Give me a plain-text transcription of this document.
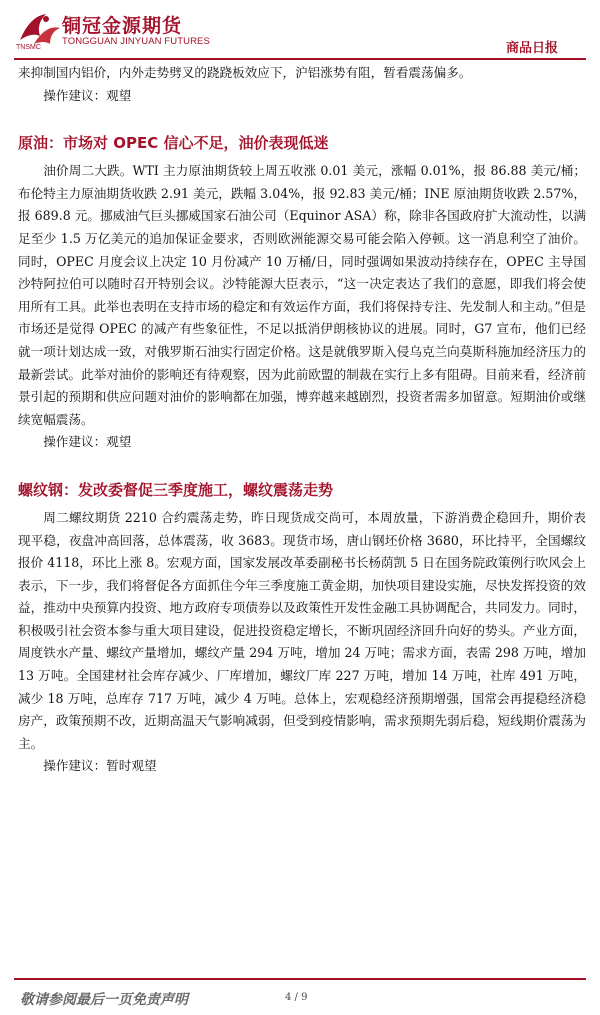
铜冠金源期货
TONGGUAN JINYUAN FUTURES
TNSMC	商品日报

来抑制国内铝价，内外走势劈叉的跷跷板效应下，沪铝涨势有阻，暂看震荡偏多。

操作建议：观望

原油：市场对 OPEC 信心不足，油价表现低迷

油价周二大跌。WTI 主力原油期货较上周五收涨 0.01 美元，涨幅 0.01%，报 86.88 美元/桶；布伦特主力原油期货收跌 2.91 美元，跌幅 3.04%，报 92.83 美元/桶；INE 原油期货收跌 2.57%，报 689.8 元。挪威油气巨头挪威国家石油公司（Equinor ASA）称，除非各国政府扩大流动性，以满足至少 1.5 万亿美元的追加保证金要求，否则欧洲能源交易可能会陷入停顿。这一消息利空了油价。同时，OPEC 月度会议上决定 10 月份减产 10 万桶/日，同时强调如果波动持续存在，OPEC 主导国沙特阿拉伯可以随时召开特别会议。沙特能源大臣表示，“这一决定表达了我们的意愿，即我们将会使用所有工具。此举也表明在支持市场的稳定和有效运作方面，我们将保持专注、先发制人和主动。”但是市场还是觉得 OPEC 的减产有些象征性，不足以抵消伊朗核协议的进展。同时，G7 宣布，他们已经就一项计划达成一致，对俄罗斯石油实行固定价格。这是就俄罗斯入侵乌克兰向莫斯科施加经济压力的最新尝试。此举对油价的影响还有待观察，因为此前欧盟的制裁在实行上多有阻碍。目前来看，经济前景引起的预期和供应问题对油价的影响都在加强，博弈越来越剧烈，投资者需多加留意。短期油价或继续宽幅震荡。

操作建议：观望

螺纹钢：发改委督促三季度施工，螺纹震荡走势

周二螺纹期货 2210 合约震荡走势，昨日现货成交尚可，本周放量，下游消费企稳回升，期价表现平稳，夜盘冲高回落，总体震荡，收 3683。现货市场，唐山钢坯价格 3680，环比持平，全国螺纹报价 4118，环比上涨 8。宏观方面，国家发展改革委副秘书长杨荫凯 5 日在国务院政策例行吹风会上表示，下一步，我们将督促各方面抓住今年三季度施工黄金期，加快项目建设实施，尽快发挥投资的效益，推动中央预算内投资、地方政府专项债券以及政策性开发性金融工具协调配合，共同发力。同时，积极吸引社会资本参与重大项目建设，促进投资稳定增长，不断巩固经济回升向好的势头。产业方面，周度铁水产量、螺纹产量增加，螺纹产量 294 万吨，增加 24 万吨；需求方面，表需 298 万吨，增加 13 万吨。全国建材社会库存减少、厂库增加，螺纹厂库 227 万吨，增加 14 万吨，社库 491 万吨，减少 18 万吨，总库存 717 万吨，减少 4 万吨。总体上，宏观稳经济预期增强，国常会再提稳经济稳房产，政策预期不改，近期高温天气影响减弱，但受到疫情影响，需求预期先弱后稳，短线期价震荡为主。

操作建议：暂时观望

敬请参阅最后一页免责声明	4 / 9
